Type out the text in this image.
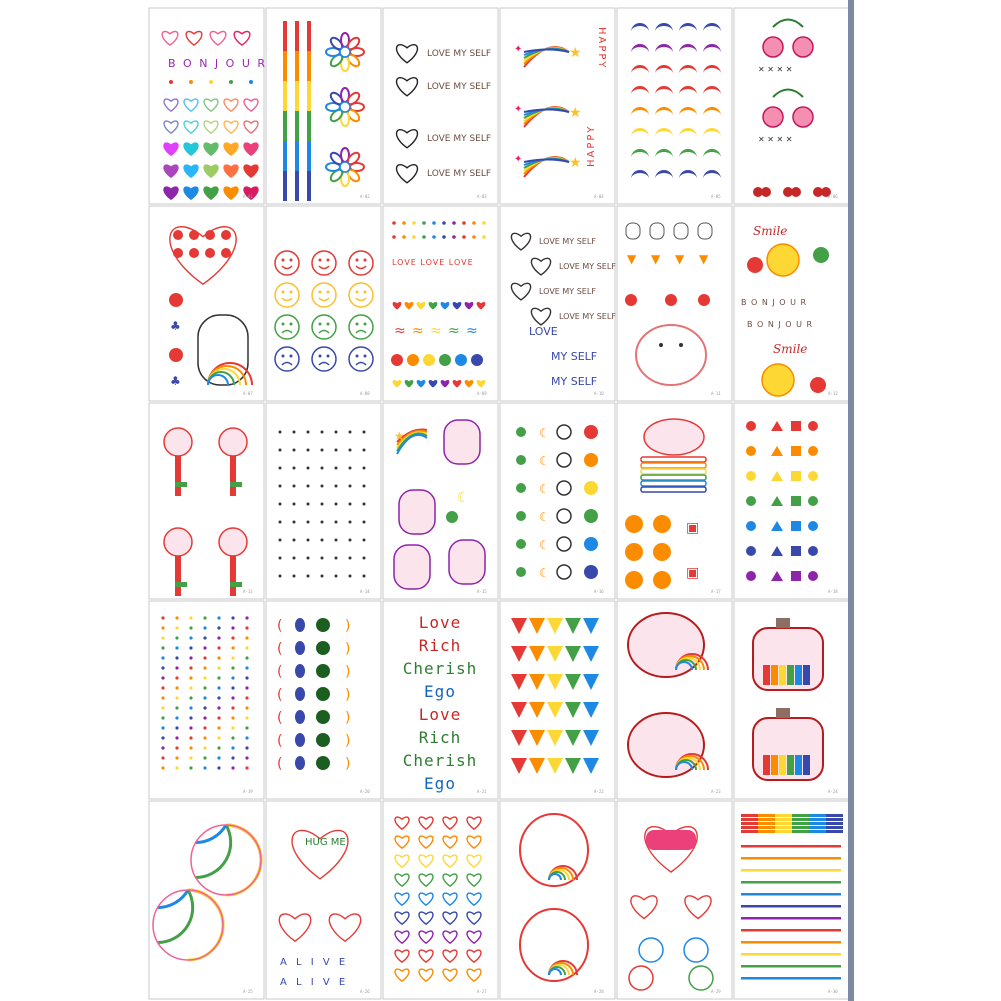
B O N J O U R
LOVE MY SELF
LOVE MY SELF
LOVE MY SELF
LOVE MY SELF
★
✦
★
✦
★
✦
HAPPY
HAPPY
✕ ✕ ✕ ✕
✕ ✕ ✕ ✕
♣
♣
LOVE LOVE LOVE
≈ ≈ ≈ ≈ ≈
LOVE MY SELF
LOVE MY SELF
LOVE MY SELF
LOVE MY SELF
LOVE
MY SELF
MY SELF
▼ ▼ ▼ ▼
Smile
B O N J O U R
B O N J O U R
Smile
★
☾
☾
☾
☾
☾
☾
☾
▣
▣
(	)
(	)
(	)
(	)
(	)
(	)
(	)
Love
Rich
Cherish
Ego
Love
Rich
Cherish
Ego
HUG ME
A L I V E
A L I V E
A-01	A-02	A-03	A-04	A-05	A-06
A-07	A-08	A-09	A-10	A-11	A-12
A-13	A-14	A-15	A-16	A-17	A-18
A-19	A-20	A-21	A-22	A-23	A-24
A-25	A-26	A-27	A-28	A-29	A-30
